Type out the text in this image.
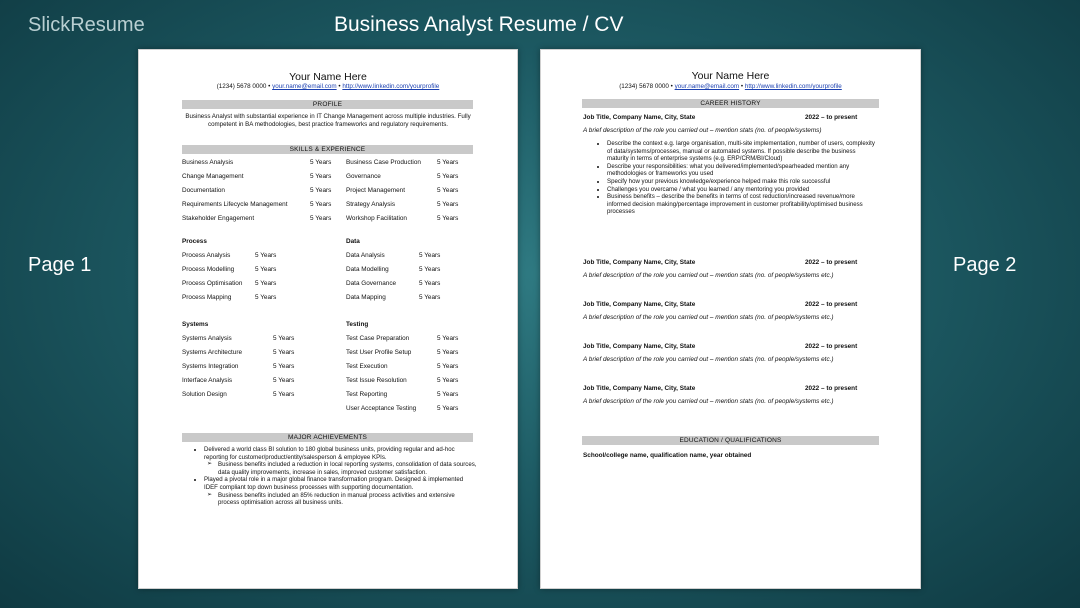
SlickResume	Business Analyst Resume / CV
Page 1	Page 2
Your Name Here
(1234) 5678 0000 • your.name@email.com • http://www.linkedin.com/yourprofile
PROFILE
Business Analyst with substantial experience in IT Change Management across multiple industries. Fully competent in BA methodologies, best practice frameworks and regulatory requirements.
SKILLS & EXPERIENCE
Business Analysis	5 Years
Change Management	5 Years
Documentation	5 Years
Requirements Lifecycle Management	5 Years
Stakeholder Engagement	5 Years
Business Case Production	5 Years
Governance	5 Years
Project Management	5 Years
Strategy Analysis	5 Years
Workshop Facilitation	5 Years
Process
Process Analysis	5 Years
Process Modelling	5 Years
Process Optimisation 5 Years
Process Mapping	5 Years
Data
Data Analysis	5 Years
Data Modelling	5 Years
Data Governance	5 Years
Data Mapping	5 Years
Systems
Systems Analysis	5 Years
Systems Architecture	5 Years
Systems Integration	5 Years
Interface Analysis	5 Years
Solution Design	5 Years
Testing
Test Case Preparation	5 Years
Test User Profile Setup	5 Years
Test Execution	5 Years
Test Issue Resolution	5 Years
Test Reporting	5 Years
User Acceptance Testing	5 Years
MAJOR ACHIEVEMENTS
• Delivered a world class BI solution to 180 global business units, providing regular and ad-hoc reporting for customer/product/entity/salesperson & employee KPIs.
➢ Business benefits included a reduction in local reporting systems, consolidation of data sources, data quality improvements, increase in sales, improved customer satisfaction.
• Played a pivotal role in a major global finance transformation program. Designed & implemented IDEF compliant top down business processes with supporting documentation.
➢ Business benefits included an 85% reduction in manual process activities and extensive process optimisation across all business units.
Your Name Here
(1234) 5678 0000 • your.name@email.com • http://www.linkedin.com/yourprofile
CAREER HISTORY
Job Title, Company Name, City, State	2022 – to present
A brief description of the role you carried out – mention stats (no. of people/systems)
• Describe the context e.g. large organisation, multi-site implementation, number of users, complexity of data/systems/processes, manual or automated systems. If possible describe the business maturity in terms of enterprise systems (e.g. ERP/CRM/BI/Cloud)
• Describe your responsibilities: what you delivered/implemented/spearheaded mention any methodologies or frameworks you used
• Specify how your previous knowledge/experience helped make this role successful
• Challenges you overcame / what you learned / any mentoring you provided
• Business benefits – describe the benefits in terms of cost reduction/increased revenue/more informed decision making/percentage improvement in customer profitability/optimised business processes
Job Title, Company Name, City, State	2022 – to present
A brief description of the role you carried out – mention stats (no. of people/systems etc.)
Job Title, Company Name, City, State	2022 – to present
A brief description of the role you carried out – mention stats (no. of people/systems etc.)
Job Title, Company Name, City, State	2022 – to present
A brief description of the role you carried out – mention stats (no. of people/systems etc.)
Job Title, Company Name, City, State	2022 – to present
A brief description of the role you carried out – mention stats (no. of people/systems etc.)
EDUCATION / QUALIFICATIONS
School/college name, qualification name, year obtained
